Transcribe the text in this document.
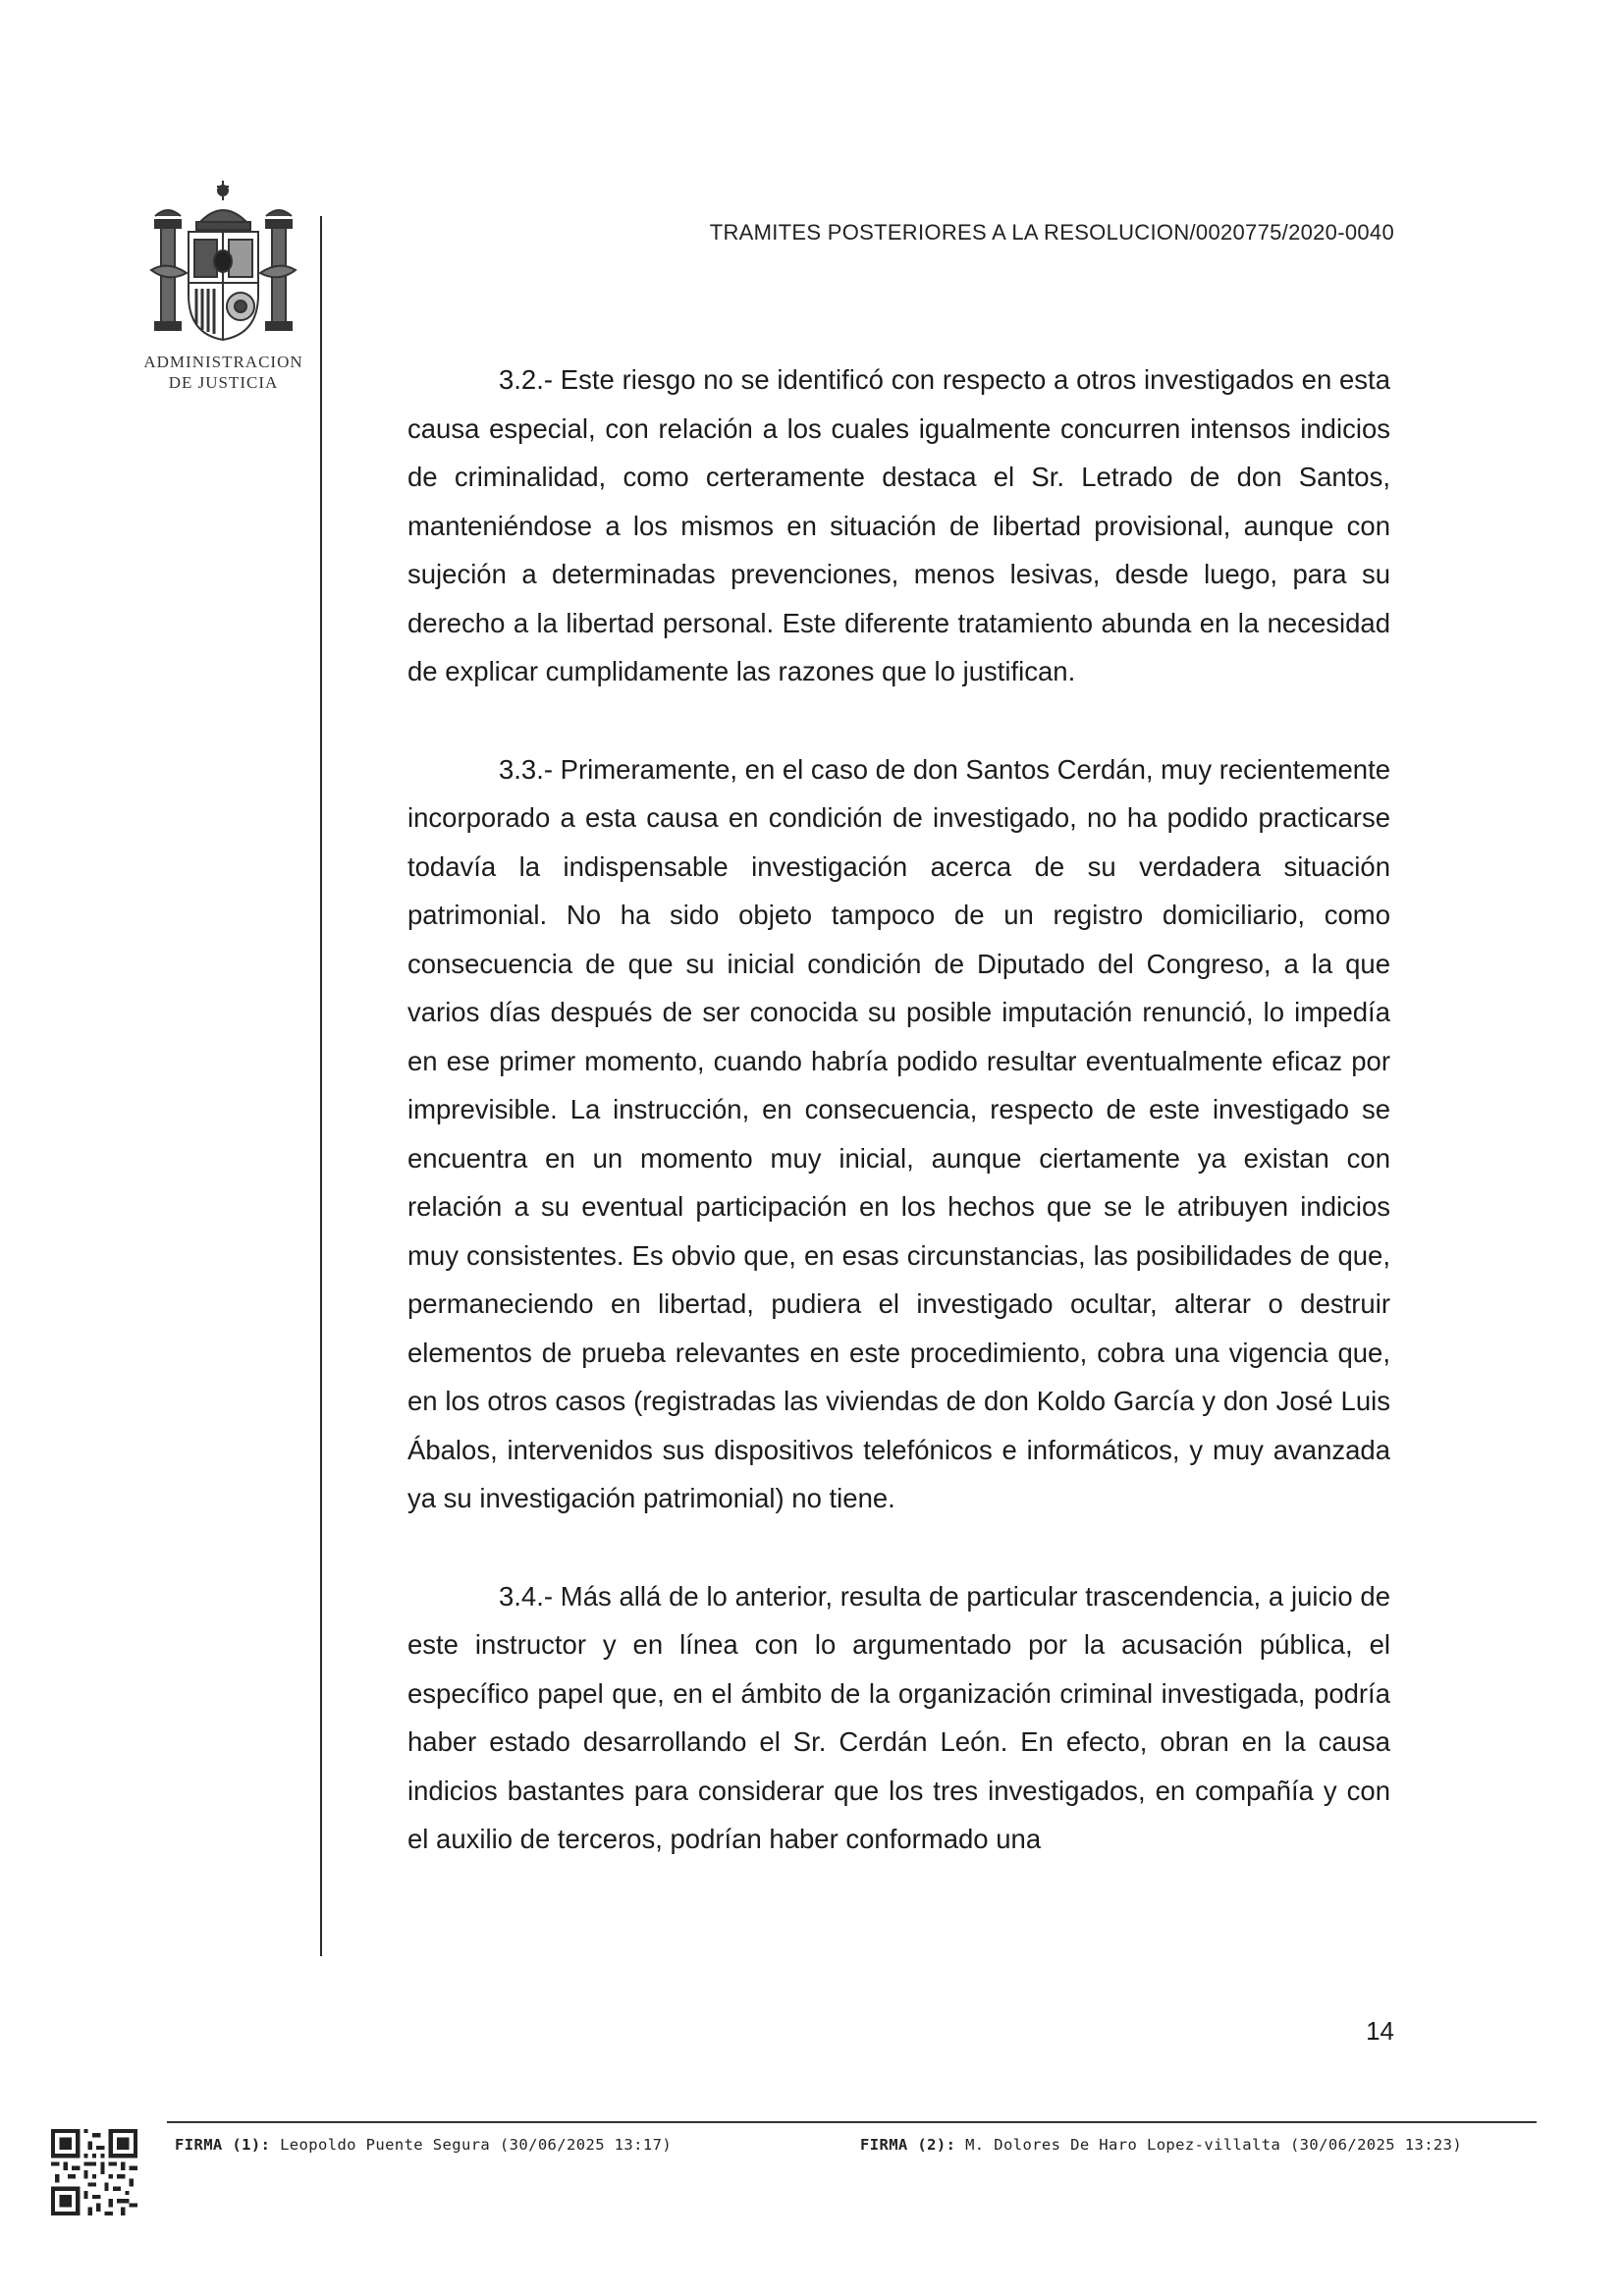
ADMINISTRACION
DE JUSTICIA
TRAMITES POSTERIORES A LA RESOLUCION/0020775/2020-0040

3.2.- Este riesgo no se identificó con respecto a otros investigados en esta causa especial, con relación a los cuales igualmente concurren intensos indicios de criminalidad, como certeramente destaca el Sr. Letrado de don Santos, manteniéndose a los mismos en situación de libertad provisional, aunque con sujeción a determinadas prevenciones, menos lesivas, desde luego, para su derecho a la libertad personal. Este diferente tratamiento abunda en la necesidad de explicar cumplidamente las razones que lo justifican.

3.3.- Primeramente, en el caso de don Santos Cerdán, muy recientemente incorporado a esta causa en condición de investigado, no ha podido practicarse todavía la indispensable investigación acerca de su verdadera situación patrimonial. No ha sido objeto tampoco de un registro domiciliario, como consecuencia de que su inicial condición de Diputado del Congreso, a la que varios días después de ser conocida su posible imputación renunció, lo impedía en ese primer momento, cuando habría podido resultar eventualmente eficaz por imprevisible. La instrucción, en consecuencia, respecto de este investigado se encuentra en un momento muy inicial, aunque ciertamente ya existan con relación a su eventual participación en los hechos que se le atribuyen indicios muy consistentes. Es obvio que, en esas circunstancias, las posibilidades de que, permaneciendo en libertad, pudiera el investigado ocultar, alterar o destruir elementos de prueba relevantes en este procedimiento, cobra una vigencia que, en los otros casos (registradas las viviendas de don Koldo García y don José Luis Ábalos, intervenidos sus dispositivos telefónicos e informáticos, y muy avanzada ya su investigación patrimonial) no tiene.

3.4.- Más allá de lo anterior, resulta de particular trascendencia, a juicio de este instructor y en línea con lo argumentado por la acusación pública, el específico papel que, en el ámbito de la organización criminal investigada, podría haber estado desarrollando el Sr. Cerdán León. En efecto, obran en la causa indicios bastantes para considerar que los tres investigados, en compañía y con el auxilio de terceros, podrían haber conformado una

14
FIRMA (1): Leopoldo Puente Segura (30/06/2025 13:17)	FIRMA (2): M. Dolores De Haro Lopez-villalta (30/06/2025 13:23)
